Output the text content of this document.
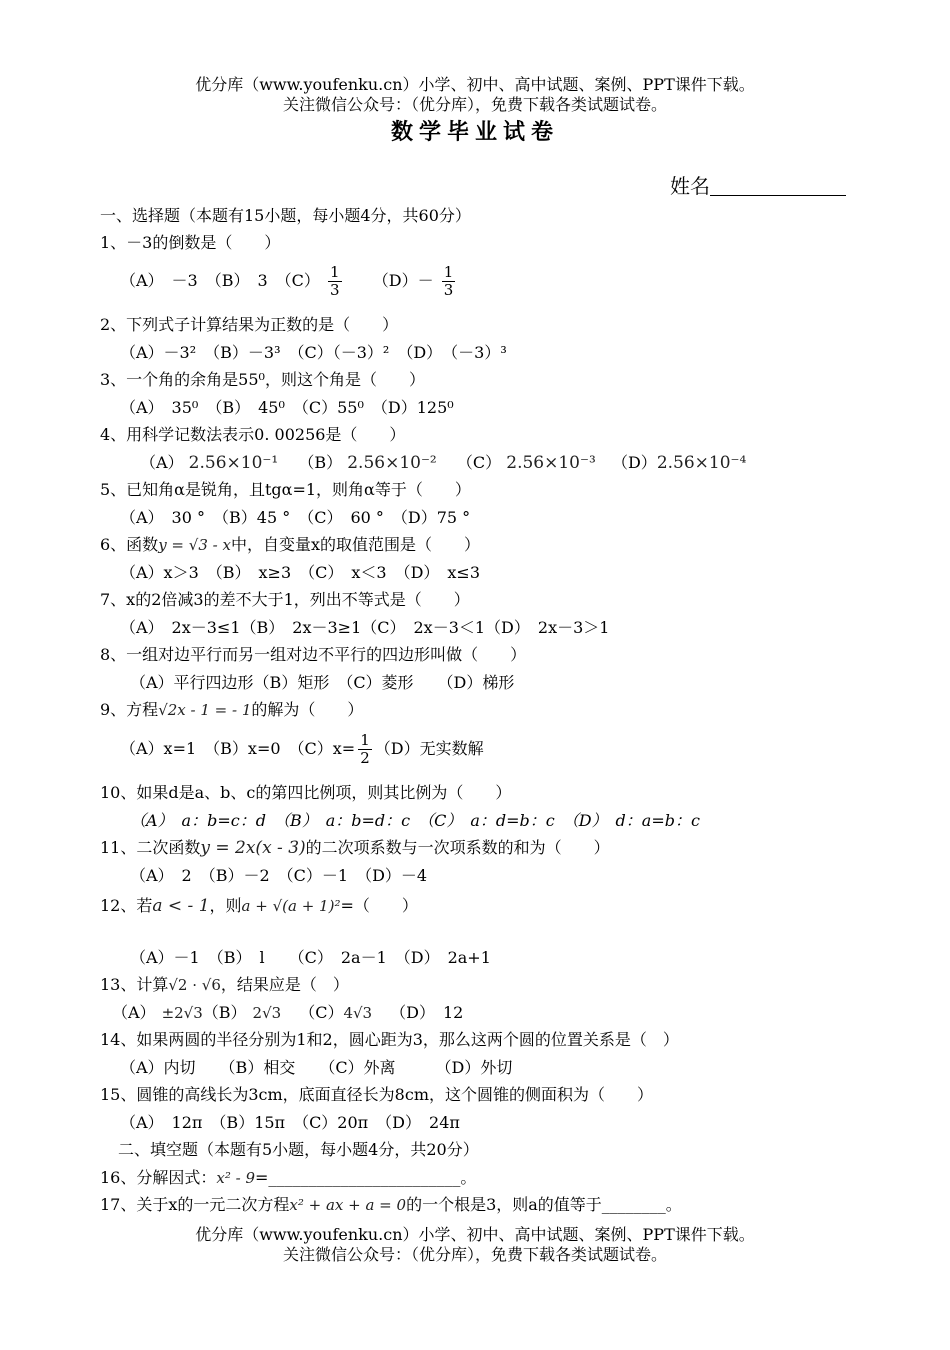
优分库（www.youfenku.cn）小学、初中、高中试题、案例、PPT课件下载。
关注微信公众号：（优分库），免费下载各类试题试卷。
数学毕业试卷
姓名
一、选择题（本题有15小题，每小题4分，共60分）
1、－3的倒数是（　　）
（A）　－3　（B）　3　$(C) \frac{1}{3} (D)- \frac{1}{3}$
2、下列式子计算结果为正数的是（　　）
（A）－3²　（B）－3³　（C）（－3）²　（D）　（－3）³
3、一个角的余角是55⁰，则这个角是（　　）
（A）　35⁰　（B）　45⁰　（C）55⁰　（D）125⁰
4、用科学记数法表示0. 00256是（　　）
（A） 2.56×10⁻¹ （B） 2.56×10⁻² （C） 2.56×10⁻³ （D）2.56×10⁻⁴
5、已知角α是锐角，且tgα=1，则角α等于（　　）
（A）　30 °　（B）45 °　（C）　60 °　（D）75 °
6、函数y = √3 - x中，自变量x的取值范围是（　　）
（A）x＞3　（B）　x≥3　（C）　x＜3　（D）　x≤3
7、x的2倍减3的差不大于1，列出不等式是（　　）
（A）　2x－3≤1（B）　2x－3≥1（C）　2x－3＜1（D）　2x－3＞1
8、一组对边平行而另一组对边不平行的四边形叫做（　　）
（A）平行四边形（B）矩形　（C）菱形　　（D）梯形
9、方程√2x - 1 = - 1的解为（　　）
（A）x=1　（B）x=0　$(C)x= \frac{1}{2} (D)$无实数解
10、如果d是a、b、c的第四比例项，则其比例为（　　）
（A）　a：b=c：d　（B）　a：b=d：c　（C）　a：d=b：c　（D）　d：a=b：c
11、二次函数y = 2x(x - 3)的二次项系数与一次项系数的和为（　　）
（A）　2　（B）－2　（C）－1　（D）－4
12、若a < - 1，则a + √(a + 1)²=（　　）
（A）－1　（B）　l　　（C）　2a－1　（D）　2a+1
13、计算√2 · √6，结果应是（　）
（A） ±2√3（B） 2√3 （C）4√3 （D）　12
14、如果两圆的半径分别为1和2，圆心距为3，那么这两个圆的位置关系是（　）
（A）内切　　（B）相交　　（C）外离　　　（D）外切
15、圆锥的高线长为3cm，底面直径长为8cm，这个圆锥的侧面积为（　　）
（A）　12π　（B）15π　（C）20π　（D）　24π
二、填空题（本题有5小题，每小题4分，共20分）
16、分解因式：x² - 9=________________________。
17、关于x的一元二次方程x² + ax + a = 0的一个根是3，则a的值等于________。
优分库（www.youfenku.cn）小学、初中、高中试题、案例、PPT课件下载。
关注微信公众号：（优分库），免费下载各类试题试卷。
